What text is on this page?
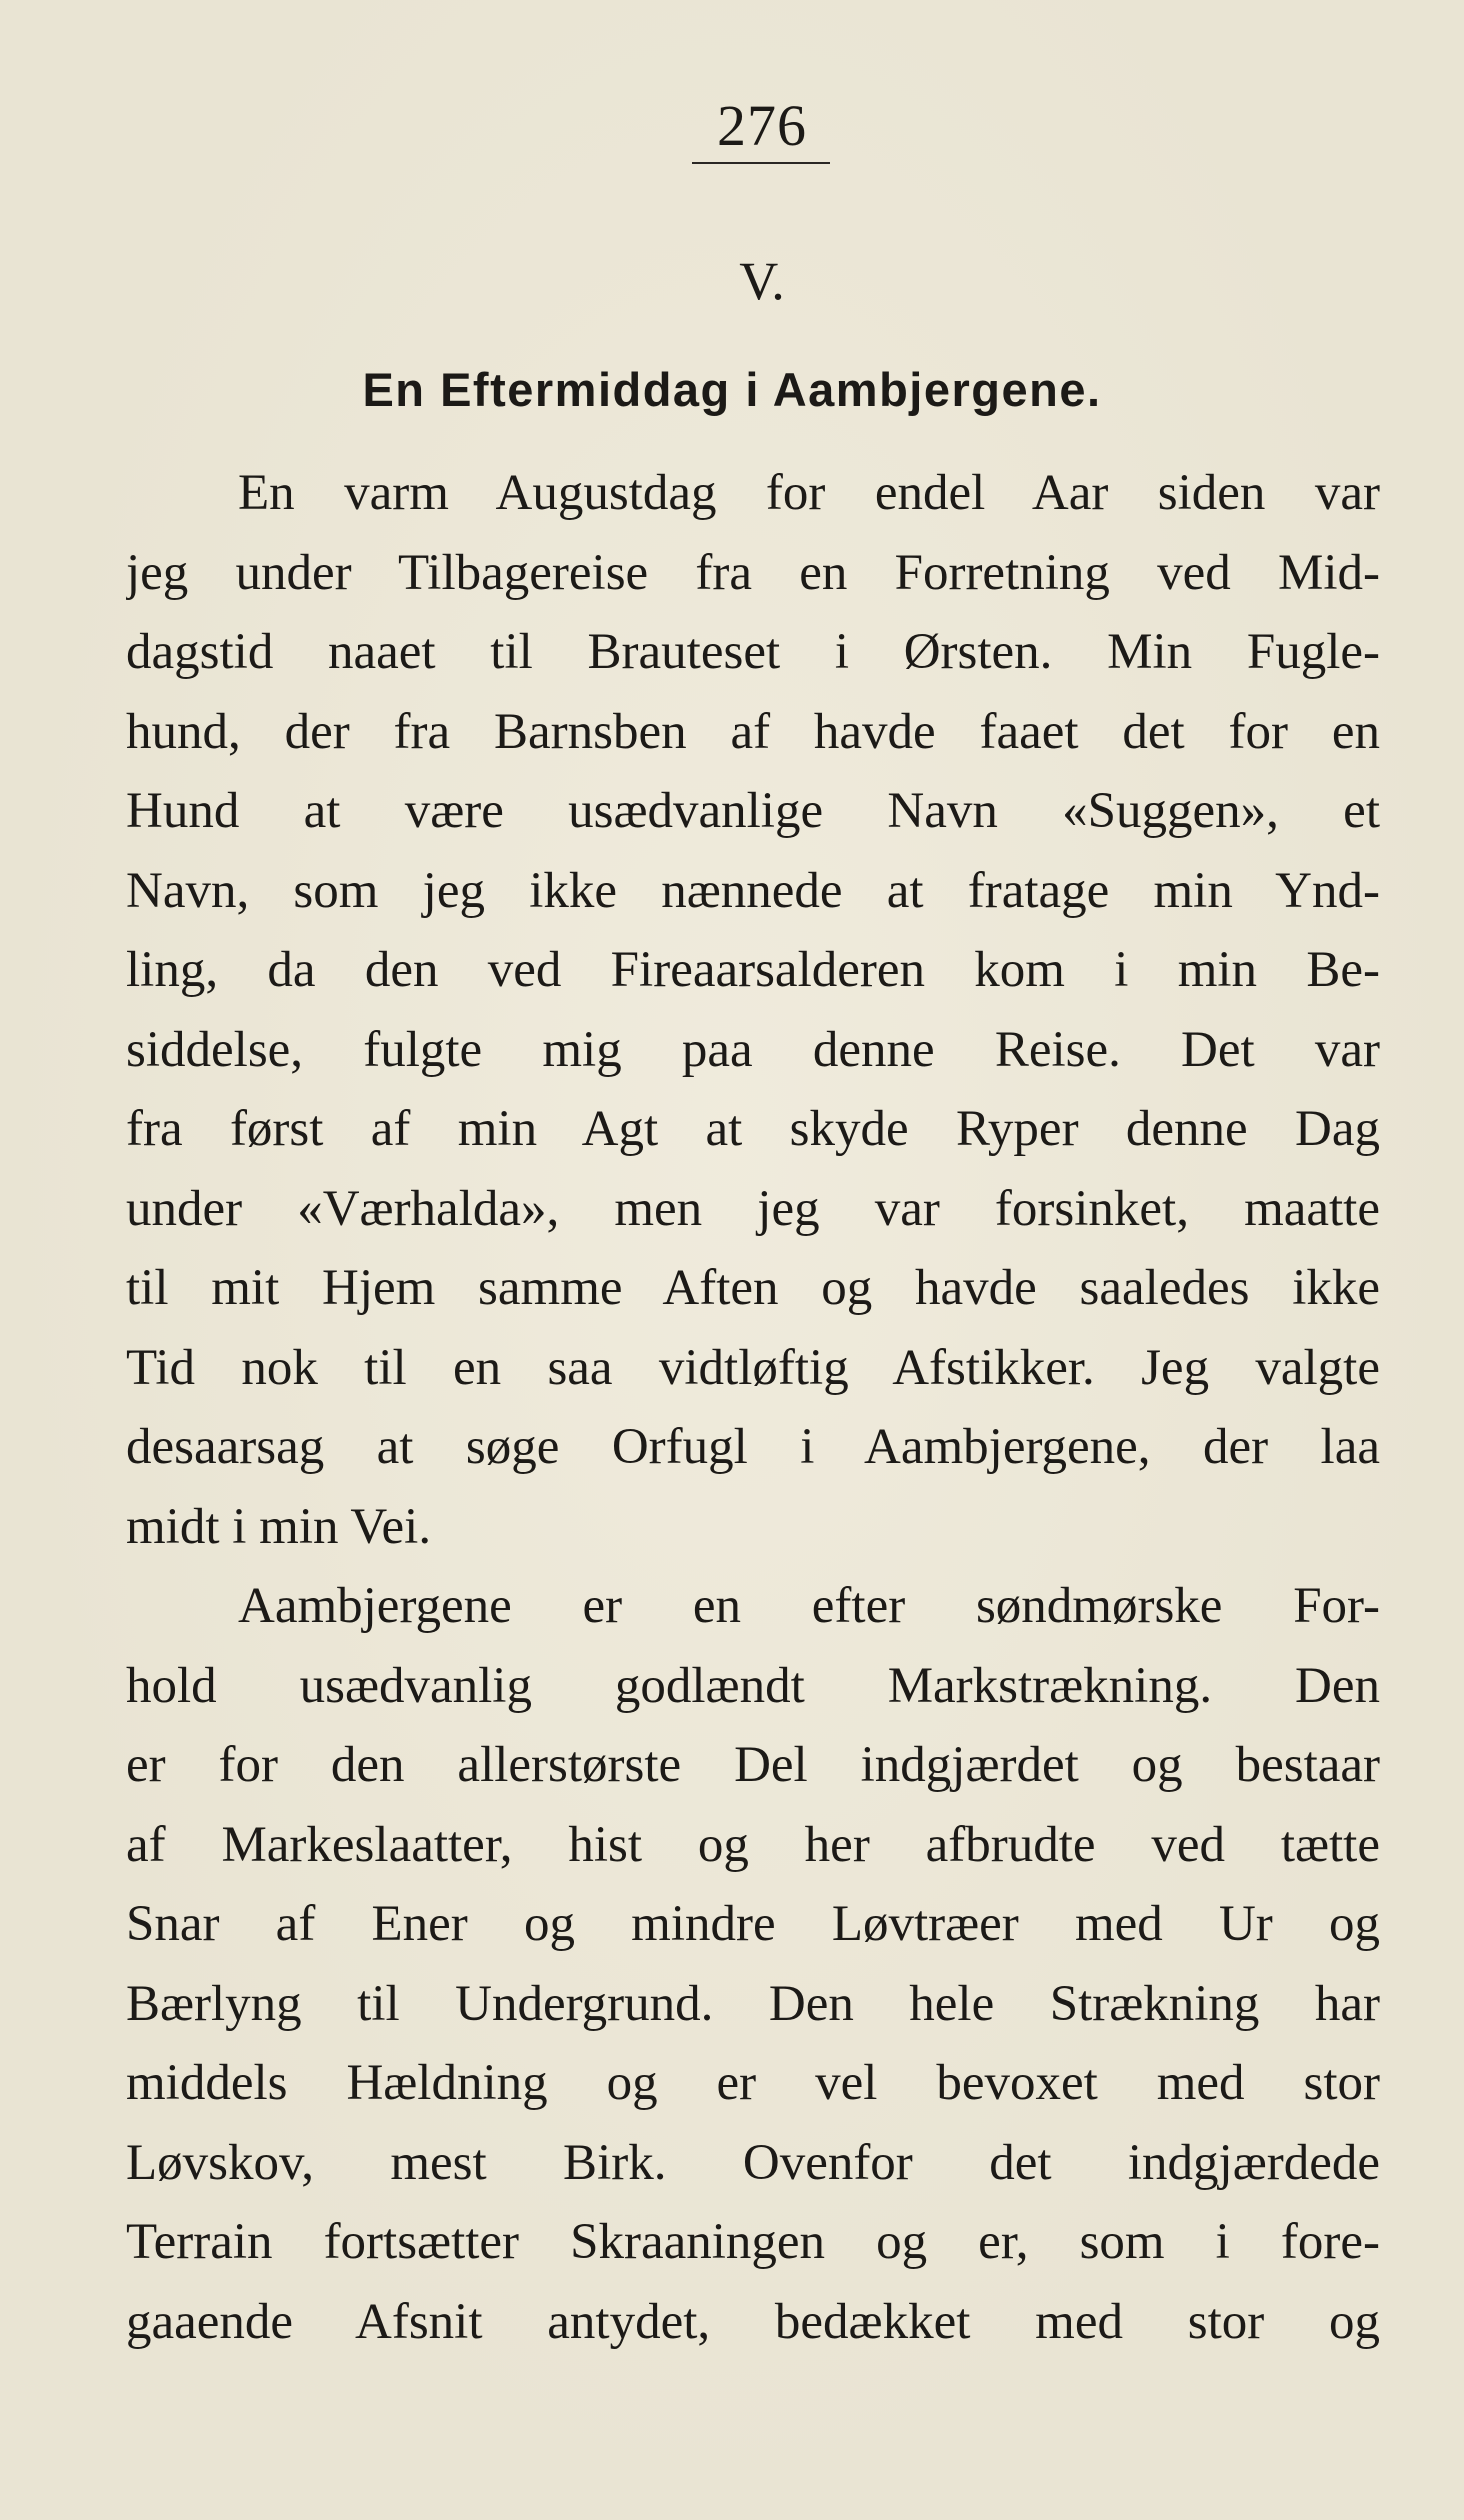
276
V.
En Eftermiddag i Aambjergene.
En varm Augustdag for endel Aar siden var
jeg under Tilbagereise fra en Forretning ved Mid-
dagstid naaet til Brauteset i Ørsten. Min Fugle-
hund, der fra Barnsben af havde faaet det for en
Hund at være usædvanlige Navn «Suggen», et
Navn, som jeg ikke nænnede at fratage min Ynd-
ling, da den ved Fireaarsalderen kom i min Be-
siddelse, fulgte mig paa denne Reise. Det var
fra først af min Agt at skyde Ryper denne Dag
under «Værhalda», men jeg var forsinket, maatte
til mit Hjem samme Aften og havde saaledes ikke
Tid nok til en saa vidtløftig Afstikker. Jeg valgte
desaarsag at søge Orfugl i Aambjergene, der laa
midt i min Vei.
Aambjergene er en efter søndmørske For-
hold usædvanlig godlændt Markstrækning. Den
er for den allerstørste Del indgjærdet og bestaar
af Markeslaatter, hist og her afbrudte ved tætte
Snar af Ener og mindre Løvtræer med Ur og
Bærlyng til Undergrund. Den hele Strækning har
middels Hældning og er vel bevoxet med stor
Løvskov, mest Birk. Ovenfor det indgjærdede
Terrain fortsætter Skraaningen og er, som i fore-
gaaende Afsnit antydet, bedækket med stor og
